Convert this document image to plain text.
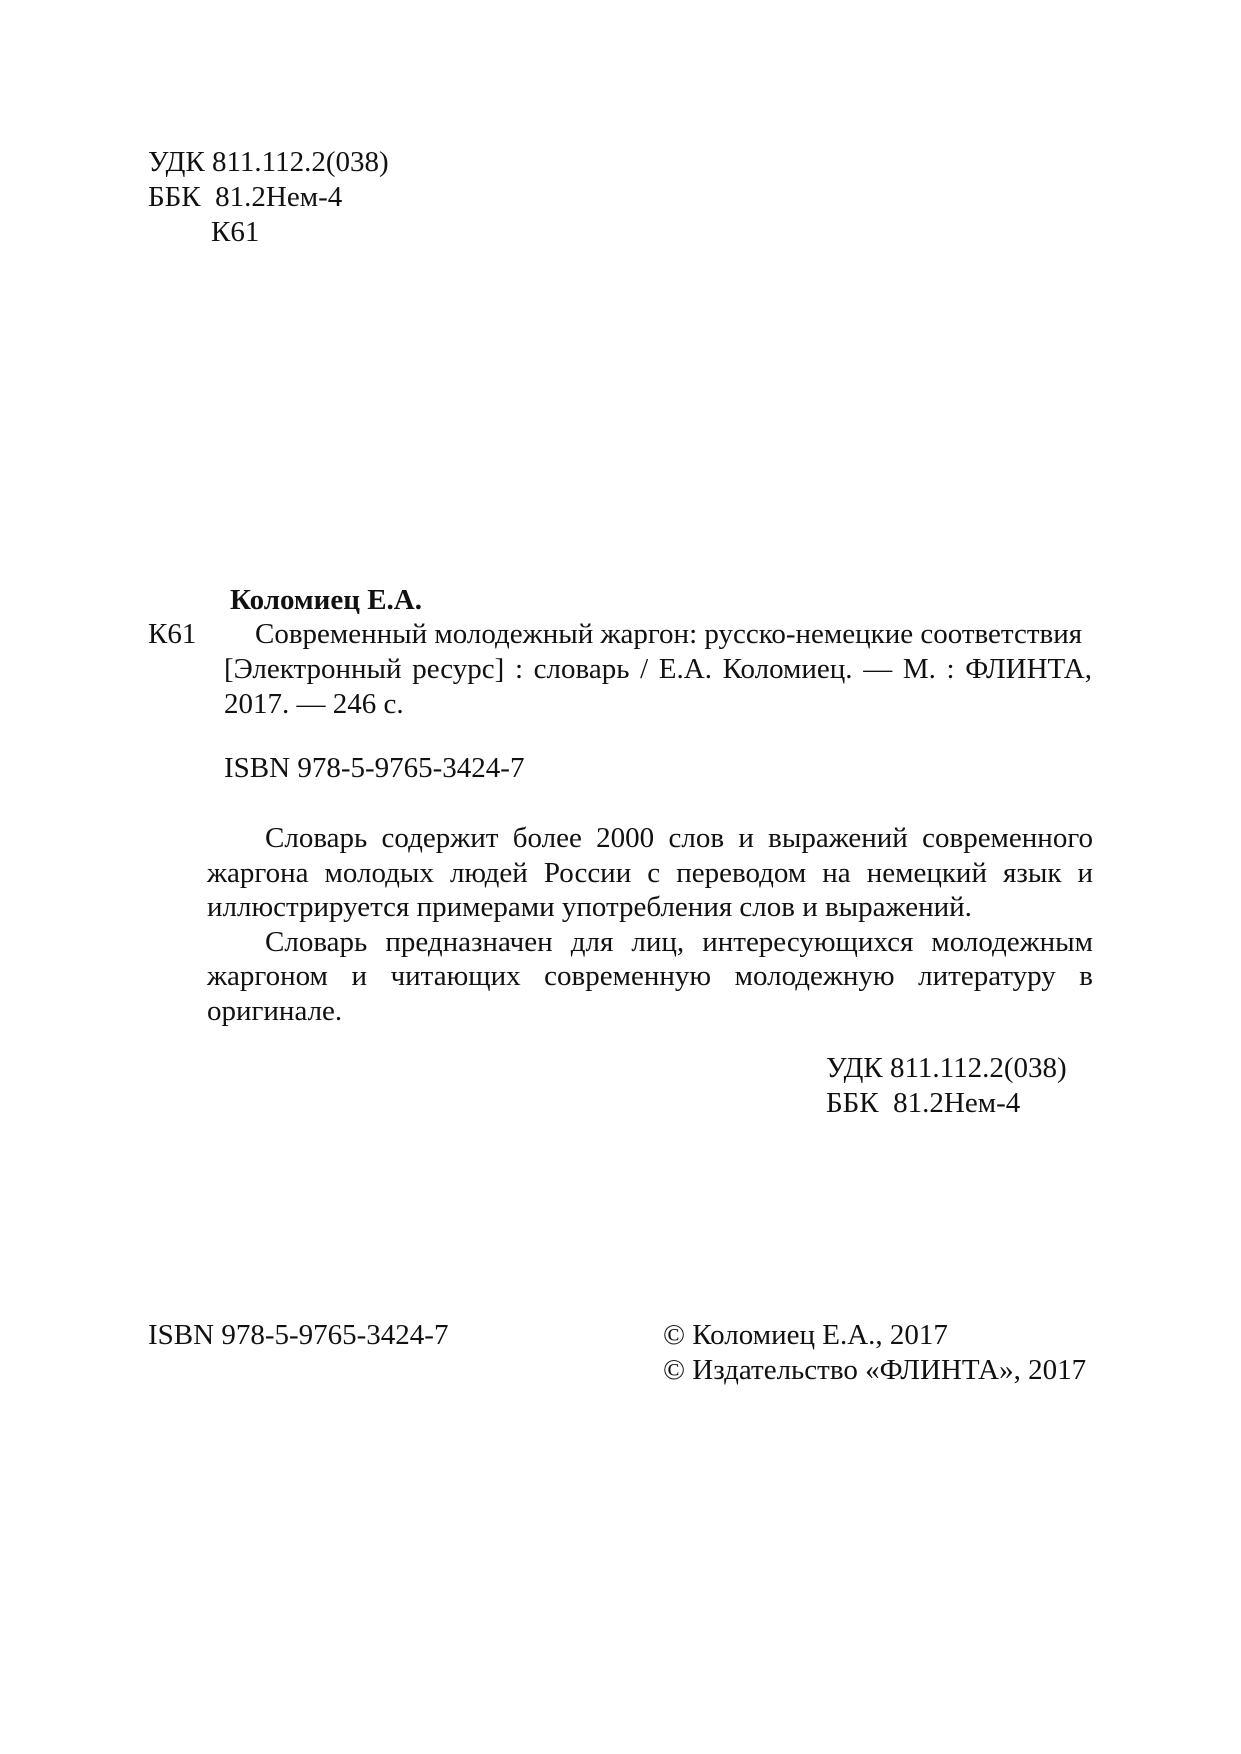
УДК 811.112.2(038)
ББК  81.2Нем-4
К61
Коломиец Е.А.
К61	Современный молодежный жаргон: русско-немецкие соответствия
[Электронный ресурс] : словарь / Е.А. Коломиец. — М. : ФЛИНТА,
2017. — 246 с.
ISBN 978-5-9765-3424-7

Словарь содержит более 2000 слов и выражений современного жаргона молодых людей России с переводом на немецкий язык и иллюстрируется примерами употребления слов и выражений.

Словарь предназначен для лиц, интересующихся молодежным жаргоном и читающих современную молодежную литературу в оригинале.

УДК 811.112.2(038)
ББК  81.2Нем-4
ISBN 978-5-9765-3424-7	© Коломиец Е.А., 2017
© Издательство «ФЛИНТА», 2017
